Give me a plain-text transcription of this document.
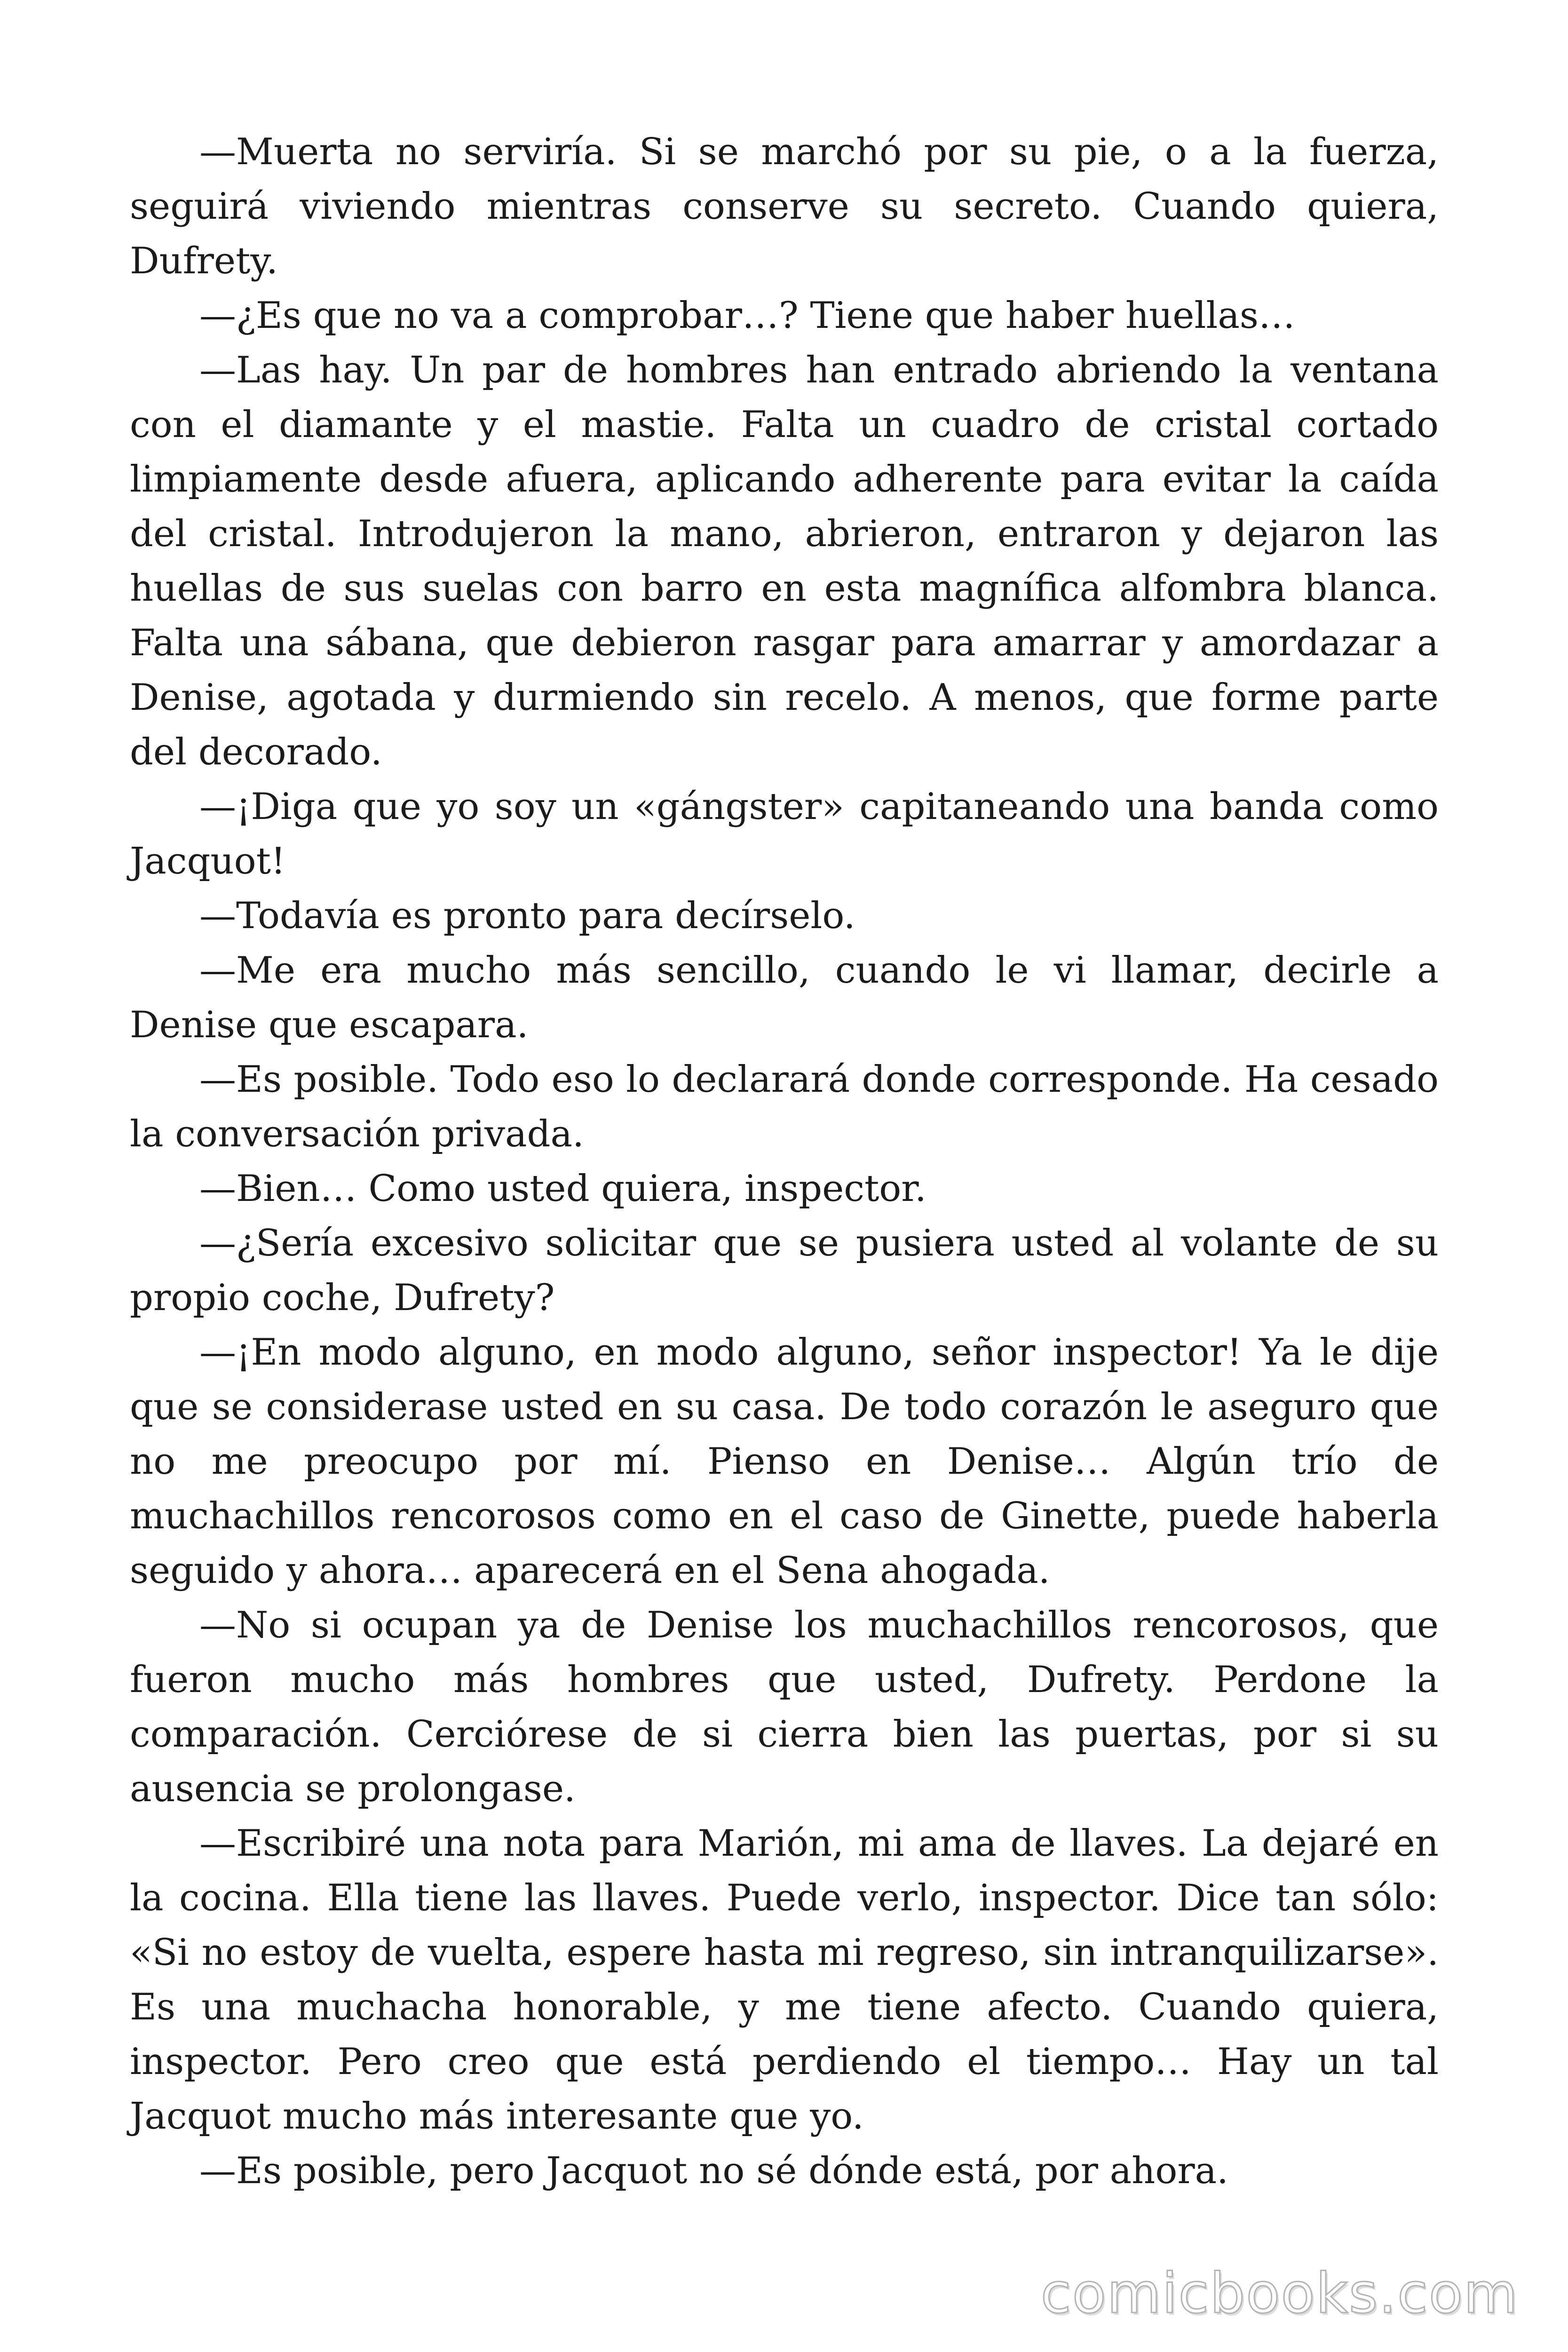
—Muerta no serviría. Si se marchó por su pie, o a la fuerza, seguirá viviendo mientras conserve su secreto. Cuando quiera, Dufrety.

—¿Es que no va a comprobar…? Tiene que haber huellas…

—Las hay. Un par de hombres han entrado abriendo la ventana con el diamante y el mastie. Falta un cuadro de cristal cortado limpiamente desde afuera, aplicando adherente para evitar la caída del cristal. Introdujeron la mano, abrieron, entraron y dejaron las huellas de sus suelas con barro en esta magnífica alfombra blanca. Falta una sábana, que debieron rasgar para amarrar y amordazar a Denise, agotada y durmiendo sin recelo. A menos, que forme parte del decorado.

—¡Diga que yo soy un «gángster» capitaneando una banda como Jacquot!

—Todavía es pronto para decírselo.

—Me era mucho más sencillo, cuando le vi llamar, decirle a Denise que escapara.

—Es posible. Todo eso lo declarará donde corresponde. Ha cesado la conversación privada.

—Bien… Como usted quiera, inspector.

—¿Sería excesivo solicitar que se pusiera usted al volante de su propio coche, Dufrety?

—¡En modo alguno, en modo alguno, señor inspector! Ya le dije que se considerase usted en su casa. De todo corazón le aseguro que no me preocupo por mí. Pienso en Denise… Algún trío de muchachillos rencorosos como en el caso de Ginette, puede haberla seguido y ahora… aparecerá en el Sena ahogada.

—No si ocupan ya de Denise los muchachillos rencorosos, que fueron mucho más hombres que usted, Dufrety. Perdone la comparación. Cerciórese de si cierra bien las puertas, por si su ausencia se prolongase.

—Escribiré una nota para Marión, mi ama de llaves. La dejaré en la cocina. Ella tiene las llaves. Puede verlo, inspector. Dice tan sólo: «Si no estoy de vuelta, espere hasta mi regreso, sin intranquilizarse». Es una muchacha honorable, y me tiene afecto. Cuando quiera, inspector. Pero creo que está perdiendo el tiempo… Hay un tal Jacquot mucho más interesante que yo.

—Es posible, pero Jacquot no sé dónde está, por ahora.

comicbooks.com
